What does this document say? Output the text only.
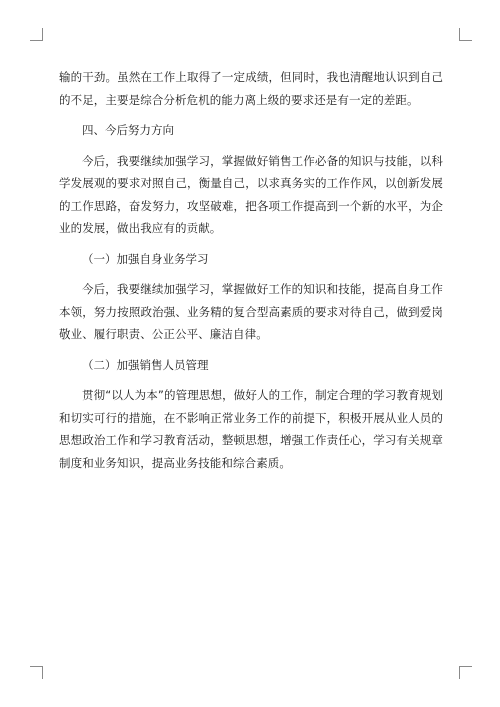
输的干劲。虽然在工作上取得了一定成绩，但同时，我也清醒地认识到自己的不足，主要是综合分析危机的能力离上级的要求还是有一定的差距。

四、今后努力方向

今后，我要继续加强学习，掌握做好销售工作必备的知识与技能，以科学发展观的要求对照自己，衡量自己，以求真务实的工作作风，以创新发展的工作思路，奋发努力，攻坚破难，把各项工作提高到一个新的水平，为企业的发展，做出我应有的贡献。

（一）加强自身业务学习

今后，我要继续加强学习，掌握做好工作的知识和技能，提高自身工作本领，努力按照政治强、业务精的复合型高素质的要求对待自己，做到爱岗敬业、履行职责、公正公平、廉洁自律。

（二）加强销售人员管理

贯彻“以人为本”的管理思想，做好人的工作，制定合理的学习教育规划和切实可行的措施，在不影响正常业务工作的前提下，积极开展从业人员的思想政治工作和学习教育活动，整顿思想，增强工作责任心，学习有关规章制度和业务知识，提高业务技能和综合素质。
